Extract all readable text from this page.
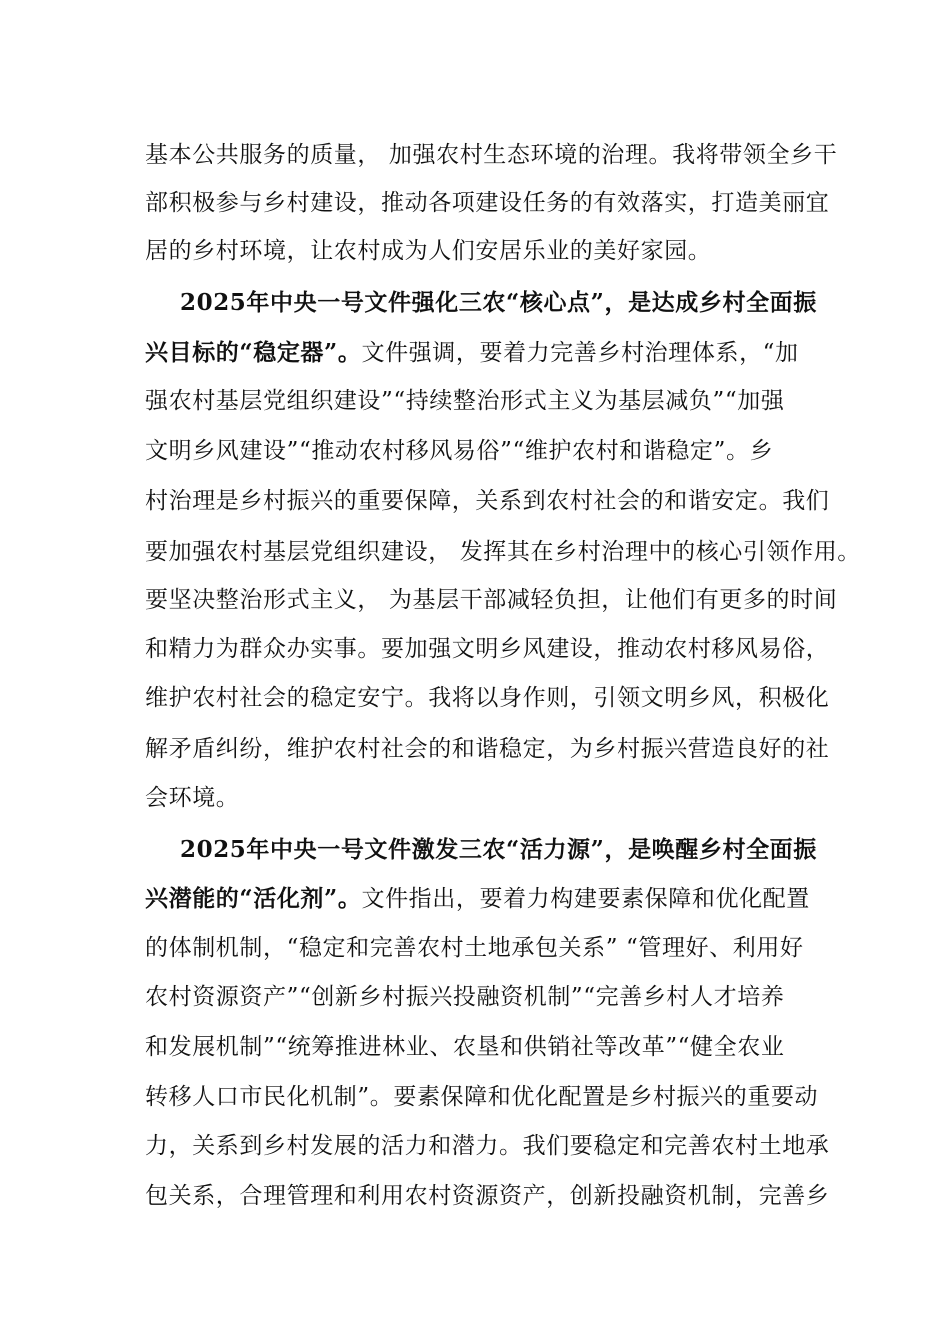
基本公共服务的质量， 加强农村生态环境的治理。我将带领全乡干

部积极参与乡村建设，推动各项建设任务的有效落实，打造美丽宜

居的乡村环境，让农村成为人们安居乐业的美好家园。

2025年中央一号文件强化三农“核心点”，是达成乡村全面振

兴目标的“稳定器”。文件强调，要着力完善乡村治理体系，“加

强农村基层党组织建设”“持续整治形式主义为基层减负”“加强

文明乡风建设”“推动农村移风易俗”“维护农村和谐稳定”。乡

村治理是乡村振兴的重要保障，关系到农村社会的和谐安定。我们

要加强农村基层党组织建设， 发挥其在乡村治理中的核心引领作用。

要坚决整治形式主义， 为基层干部减轻负担，让他们有更多的时间

和精力为群众办实事。要加强文明乡风建设，推动农村移风易俗，

维护农村社会的稳定安宁。我将以身作则，引领文明乡风，积极化

解矛盾纠纷，维护农村社会的和谐稳定，为乡村振兴营造良好的社

会环境。

2025年中央一号文件激发三农“活力源”，是唤醒乡村全面振

兴潜能的“活化剂”。文件指出，要着力构建要素保障和优化配置

的体制机制，“稳定和完善农村土地承包关系” “管理好、利用好

农村资源资产”“创新乡村振兴投融资机制”“完善乡村人才培养

和发展机制”“统筹推进林业、农垦和供销社等改革”“健全农业

转移人口市民化机制”。要素保障和优化配置是乡村振兴的重要动

力，关系到乡村发展的活力和潜力。我们要稳定和完善农村土地承

包关系，合理管理和利用农村资源资产，创新投融资机制，完善乡
